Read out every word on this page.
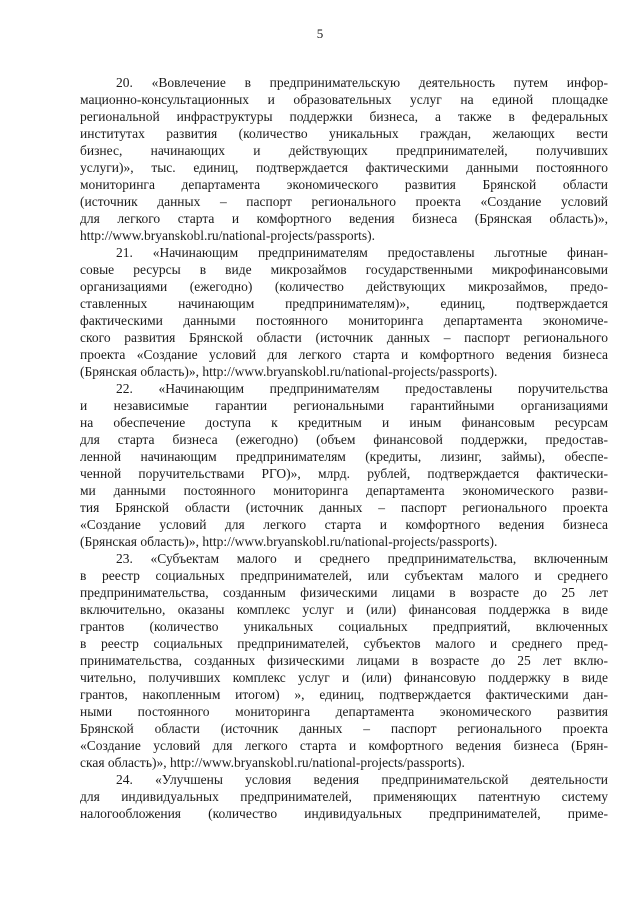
5

20. «Вовлечение в предпринимательскую деятельность путем инфор-
мационно-консультационных и образовательных услуг на единой площадке
региональной инфраструктуры поддержки бизнеса, а также в федеральных
институтах развития (количество уникальных граждан, желающих вести
бизнес, начинающих и действующих предпринимателей, получивших
услуги)», тыс. единиц, подтверждается фактическими данными постоянного
мониторинга департамента экономического развития Брянской области
(источник данных – паспорт регионального проекта «Создание условий
для легкого старта и комфортного ведения бизнеса (Брянская область)»,
http://www.bryanskobl.ru/national-projects/passports).

21. «Начинающим предпринимателям предоставлены льготные финан-
совые ресурсы в виде микрозаймов государственными микрофинансовыми
организациями (ежегодно) (количество действующих микрозаймов, предо-
ставленных начинающим предпринимателям)», единиц, подтверждается
фактическими данными постоянного мониторинга департамента экономиче-
ского развития Брянской области (источник данных – паспорт регионального
проекта «Создание условий для легкого старта и комфортного ведения бизнеса
(Брянская область)», http://www.bryanskobl.ru/national-projects/passports).

22. «Начинающим предпринимателям предоставлены поручительства
и независимые гарантии региональными гарантийными организациями
на обеспечение доступа к кредитным и иным финансовым ресурсам
для старта бизнеса (ежегодно) (объем финансовой поддержки, предостав-
ленной начинающим предпринимателям (кредиты, лизинг, займы), обеспе-
ченной поручительствами РГО)», млрд. рублей, подтверждается фактически-
ми данными постоянного мониторинга департамента экономического разви-
тия Брянской области (источник данных – паспорт регионального проекта
«Создание условий для легкого старта и комфортного ведения бизнеса
(Брянская область)», http://www.bryanskobl.ru/national-projects/passports).

23. «Субъектам малого и среднего предпринимательства, включенным
в реестр социальных предпринимателей, или субъектам малого и среднего
предпринимательства, созданным физическими лицами в возрасте до 25 лет
включительно, оказаны комплекс услуг и (или) финансовая поддержка в виде
грантов (количество уникальных социальных предприятий, включенных
в реестр социальных предпринимателей, субъектов малого и среднего пред-
принимательства, созданных физическими лицами в возрасте до 25 лет вклю-
чительно, получивших комплекс услуг и (или) финансовую поддержку в виде
грантов, накопленным итогом) », единиц, подтверждается фактическими дан-
ными постоянного мониторинга департамента экономического развития
Брянской области (источник данных – паспорт регионального проекта
«Создание условий для легкого старта и комфортного ведения бизнеса (Брян-
ская область)», http://www.bryanskobl.ru/national-projects/passports).

24. «Улучшены условия ведения предпринимательской деятельности
для индивидуальных предпринимателей, применяющих патентную систему
налогообложения (количество индивидуальных предпринимателей, приме-
